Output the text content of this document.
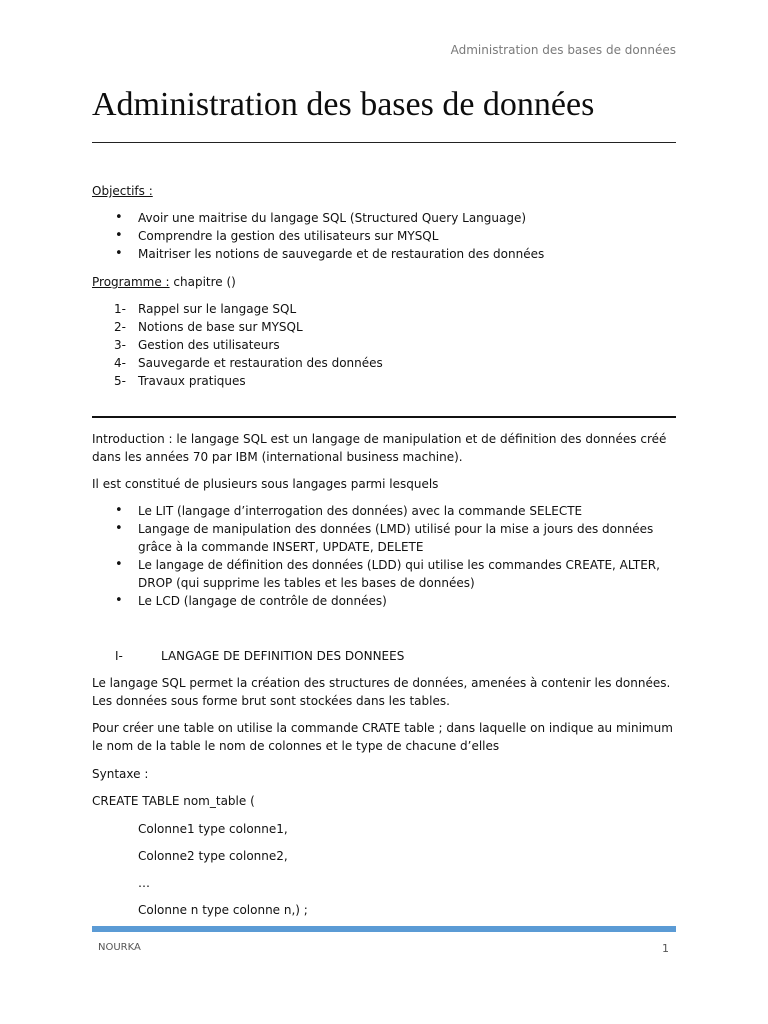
Administration des bases de données
Administration des bases de données
Objectifs :
• Avoir une maitrise du langage SQL (Structured Query Language)
• Comprendre la gestion des utilisateurs sur MYSQL
• Maitriser les notions de sauvegarde et de restauration des données
Programme : chapitre ()
1- Rappel sur le langage SQL
2- Notions de base sur MYSQL
3- Gestion des utilisateurs
4- Sauvegarde et restauration des données
5- Travaux pratiques
Introduction : le langage SQL est un langage de manipulation et de définition des données créé dans les années 70 par IBM (international business machine).
Il est constitué de plusieurs sous langages parmi lesquels
• Le LIT (langage d’interrogation des données) avec la commande SELECTE
• Langage de manipulation des données (LMD) utilisé pour la mise a jours des données grâce à la commande INSERT, UPDATE, DELETE
• Le langage de définition des données (LDD) qui utilise les commandes CREATE, ALTER, DROP (qui supprime les tables et les bases de données)
• Le LCD (langage de contrôle de données)
I-	LANGAGE DE DEFINITION DES DONNEES
Le langage SQL permet la création des structures de données, amenées à contenir les données. Les données sous forme brut sont stockées dans les tables.
Pour créer une table on utilise la commande CRATE table ; dans laquelle on indique au minimum le nom de la table le nom de colonnes et le type de chacune d’elles
Syntaxe :
CREATE TABLE nom_table (
Colonne1 type colonne1,
Colonne2 type colonne2,
…
Colonne n type colonne n,) ;
NOURKA	1
